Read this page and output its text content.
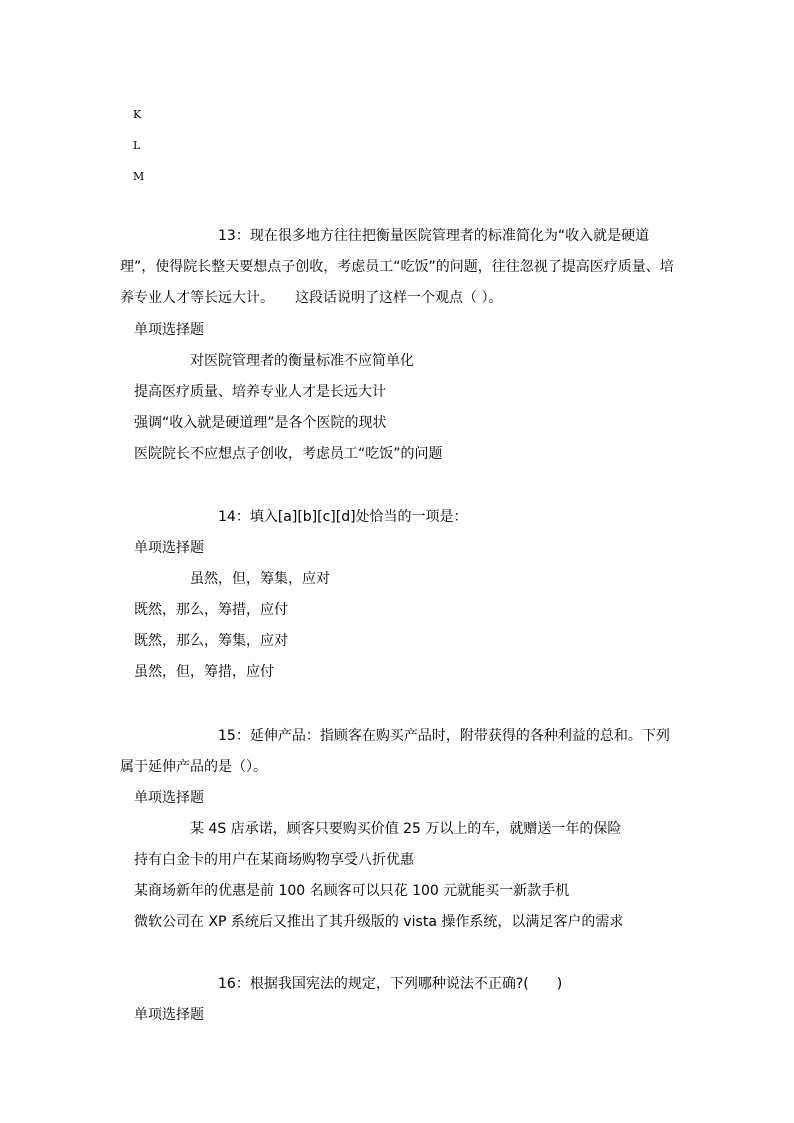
K
L
M
13：现在很多地方往往把衡量医院管理者的标准简化为“收入就是硬道理”，使得院长整天要想点子创收，考虑员工“吃饭”的问题，往往忽视了提高医疗质量、培养专业人才等长远大计。　　这段话说明了这样一个观点（ ）。
单项选择题
对医院管理者的衡量标准不应简单化
提高医疗质量、培养专业人才是长远大计
强调“收入就是硬道理”是各个医院的现状
医院院长不应想点子创收，考虑员工“吃饭”的问题
14：填入[a][b][c][d]处恰当的一项是：
单项选择题
虽然，但，筹集，应对
既然，那么，筹措，应付
既然，那么，筹集，应对
虽然，但，筹措，应付
15：延伸产品：指顾客在购买产品时，附带获得的各种利益的总和。下列属于延伸产品的是（）。
单项选择题
某 4S 店承诺，顾客只要购买价值 25 万以上的车，就赠送一年的保险
持有白金卡的用户在某商场购物享受八折优惠
某商场新年的优惠是前 100 名顾客可以只花 100 元就能买一新款手机
微软公司在 XP 系统后又推出了其升级版的 vista 操作系统，以满足客户的需求
16：根据我国宪法的规定，下列哪种说法不正确?(　　)
单项选择题
